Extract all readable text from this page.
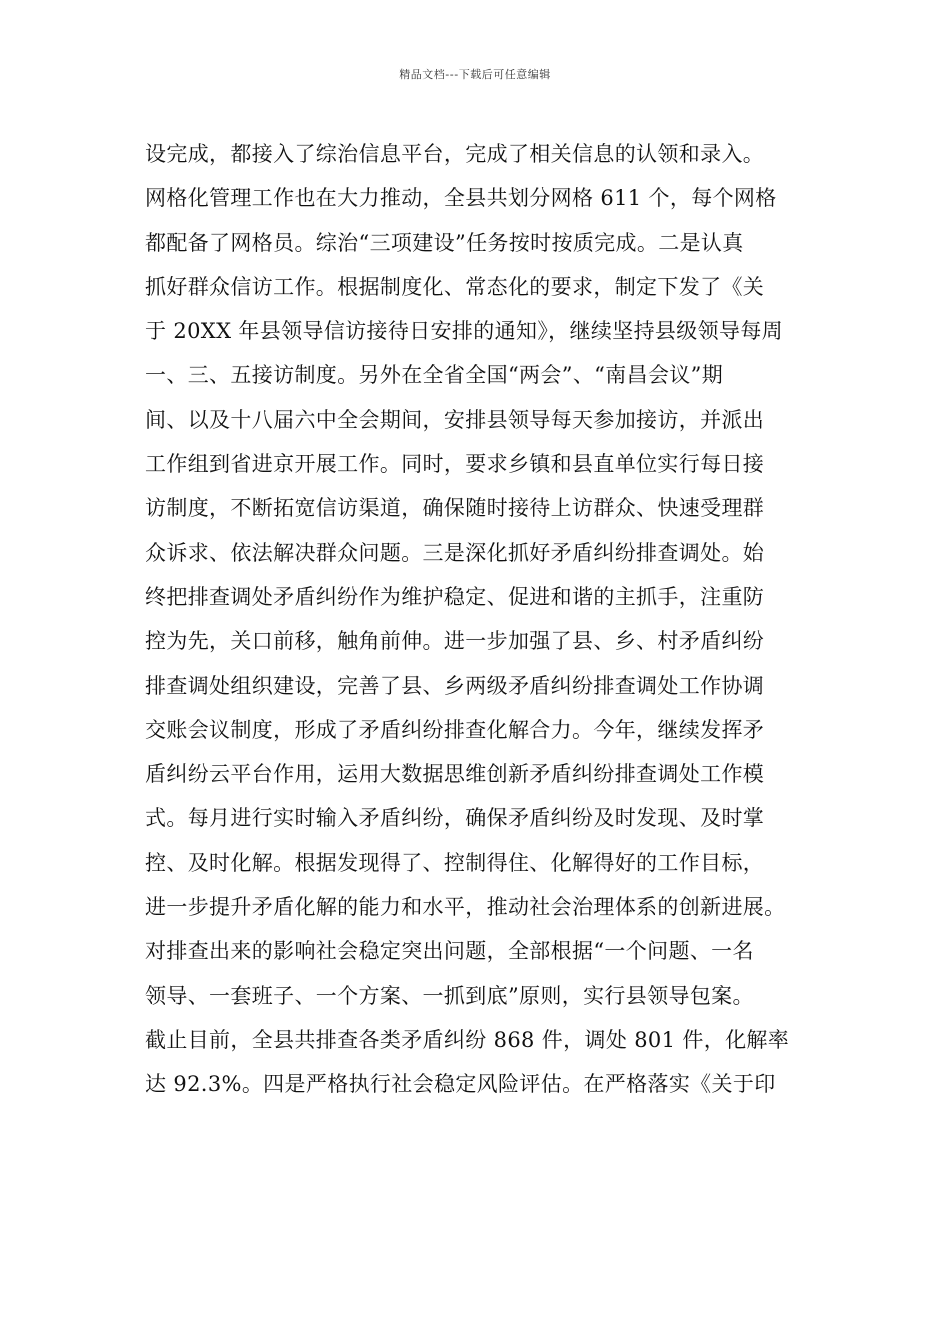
精品文档---下载后可任意编辑
设完成，都接入了综治信息平台，完成了相关信息的认领和录入。
网格化管理工作也在大力推动，全县共划分网格 611 个，每个网格
都配备了网格员。综治“三项建设”任务按时按质完成。二是认真
抓好群众信访工作。根据制度化、常态化的要求，制定下发了《关
于 20XX 年县领导信访接待日安排的通知》，继续坚持县级领导每周
一、三、五接访制度。另外在全省全国“两会”、“南昌会议”期
间、以及十八届六中全会期间，安排县领导每天参加接访，并派出
工作组到省进京开展工作。同时，要求乡镇和县直单位实行每日接
访制度，不断拓宽信访渠道，确保随时接待上访群众、快速受理群
众诉求、依法解决群众问题。三是深化抓好矛盾纠纷排查调处。始
终把排查调处矛盾纠纷作为维护稳定、促进和谐的主抓手，注重防
控为先，关口前移，触角前伸。进一步加强了县、乡、村矛盾纠纷
排查调处组织建设，完善了县、乡两级矛盾纠纷排查调处工作协调
交账会议制度，形成了矛盾纠纷排查化解合力。今年，继续发挥矛
盾纠纷云平台作用，运用大数据思维创新矛盾纠纷排查调处工作模
式。每月进行实时输入矛盾纠纷，确保矛盾纠纷及时发现、及时掌
控、及时化解。根据发现得了、控制得住、化解得好的工作目标，
进一步提升矛盾化解的能力和水平，推动社会治理体系的创新进展。
对排查出来的影响社会稳定突出问题，全部根据“一个问题、一名
领导、一套班子、一个方案、一抓到底”原则，实行县领导包案。
截止目前，全县共排查各类矛盾纠纷 868 件，调处 801 件，化解率
达 92.3%。四是严格执行社会稳定风险评估。在严格落实《关于印
